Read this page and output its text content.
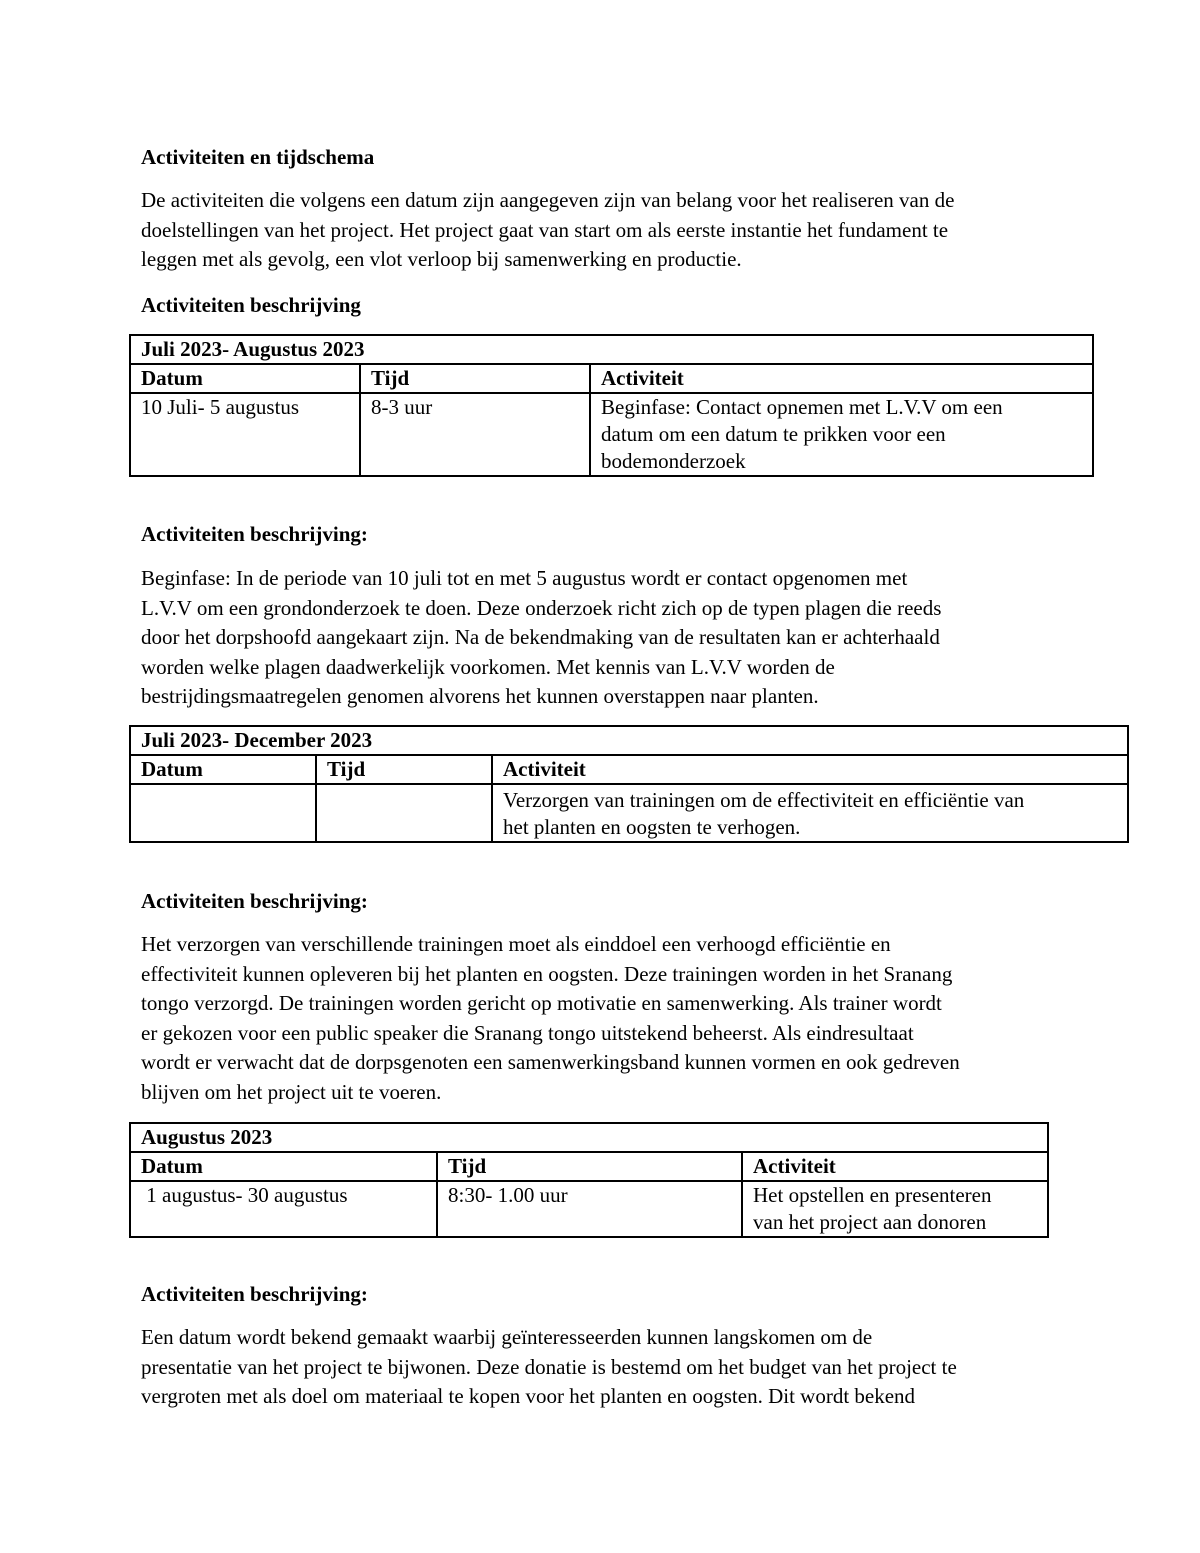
Activiteiten en tijdschema

De activiteiten die volgens een datum zijn aangegeven zijn van belang voor het realiseren van de
doelstellingen van het project. Het project gaat van start om als eerste instantie het fundament te
leggen met als gevolg, een vlot verloop bij samenwerking en productie.

Activiteiten beschrijving
Juli 2023- Augustus 2023		
Datum	Tijd	Activiteit
10 Juli- 5 augustus	8-3 uur	Beginfase: Contact opnemen met L.V.V om een
datum om een datum te prikken voor een
bodemonderzoek
Activiteiten beschrijving:

Beginfase: In de periode van 10 juli tot en met 5 augustus wordt er contact opgenomen met
L.V.V om een grondonderzoek te doen. Deze onderzoek richt zich op de typen plagen die reeds
door het dorpshoofd aangekaart zijn. Na de bekendmaking van de resultaten kan er achterhaald
worden welke plagen daadwerkelijk voorkomen. Met kennis van L.V.V worden de
bestrijdingsmaatregelen genomen alvorens het kunnen overstappen naar planten.

Juli 2023- December 2023		
Datum	Tijd	Activiteit

		Verzorgen van trainingen om de effectiviteit en efficiëntie van
het planten en oogsten te verhogen.
Activiteiten beschrijving:

Het verzorgen van verschillende trainingen moet als einddoel een verhoogd efficiëntie en
effectiviteit kunnen opleveren bij het planten en oogsten. Deze trainingen worden in het Sranang
tongo verzorgd. De trainingen worden gericht op motivatie en samenwerking. Als trainer wordt
er gekozen voor een public speaker die Sranang tongo uitstekend beheerst. Als eindresultaat
wordt er verwacht dat de dorpsgenoten een samenwerkingsband kunnen vormen en ook gedreven
blijven om het project uit te voeren.

Augustus 2023		
Datum	Tijd	Activiteit
1 augustus- 30 augustus	8:30- 1.00 uur	Het opstellen en presenteren
van het project aan donoren
Activiteiten beschrijving:

Een datum wordt bekend gemaakt waarbij geïnteresseerden kunnen langskomen om de
presentatie van het project te bijwonen. Deze donatie is bestemd om het budget van het project te
vergroten met als doel om materiaal te kopen voor het planten en oogsten. Dit wordt bekend
